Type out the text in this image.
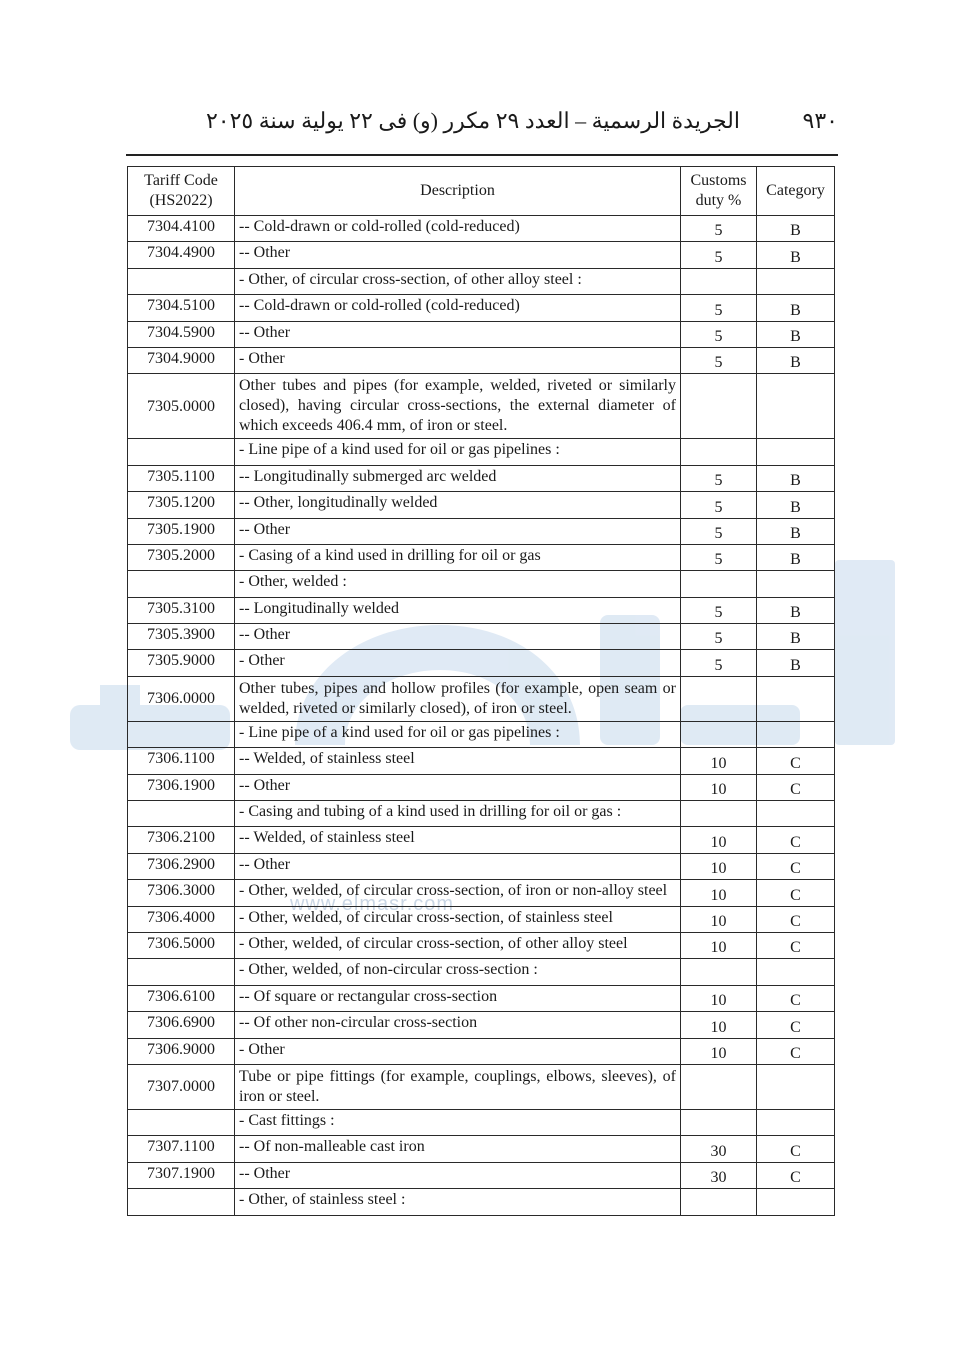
www.elmasr.com
٩٣٠
الجريدة الرسمية – العدد ٢٩ مكرر (و) فى ٢٢ يولية سنة ٢٠٢٥
Tariff Code (HS2022)	Description	Customs duty %	Category
7304.4100	-- Cold-drawn or cold-rolled (cold-reduced)	5	B
7304.4900	-- Other	5	B
	- Other, of circular cross-section, of other alloy steel :		
7304.5100	-- Cold-drawn or cold-rolled (cold-reduced)	5	B
7304.5900	-- Other	5	B
7304.9000	- Other	5	B
7305.0000	Other tubes and pipes (for example, welded, riveted or similarly closed), having circular cross-sections, the external diameter of which exceeds 406.4 mm, of iron or steel.		
	- Line pipe of a kind used for oil or gas pipelines :		
7305.1100	-- Longitudinally submerged arc welded	5	B
7305.1200	-- Other, longitudinally welded	5	B
7305.1900	-- Other	5	B
7305.2000	- Casing of a kind used in drilling for oil or gas	5	B
	- Other, welded :		
7305.3100	-- Longitudinally welded	5	B
7305.3900	-- Other	5	B
7305.9000	- Other	5	B
7306.0000	Other tubes, pipes and hollow profiles (for example, open seam or welded, riveted or similarly closed), of iron or steel.		
	- Line pipe of a kind used for oil or gas pipelines :		
7306.1100	-- Welded, of stainless steel	10	C
7306.1900	-- Other	10	C
	- Casing and tubing of a kind used in drilling for oil or gas :		
7306.2100	-- Welded, of stainless steel	10	C
7306.2900	-- Other	10	C
7306.3000	- Other, welded, of circular cross-section, of iron or non-alloy steel	10	C
7306.4000	- Other, welded, of circular cross-section, of stainless steel	10	C
7306.5000	- Other, welded, of circular cross-section, of other alloy steel	10	C
	- Other, welded, of non-circular cross-section :		
7306.6100	-- Of square or rectangular cross-section	10	C
7306.6900	-- Of other non-circular cross-section	10	C
7306.9000	- Other	10	C
7307.0000	Tube or pipe fittings (for example, couplings, elbows, sleeves), of iron or steel.		
	- Cast fittings :		
7307.1100	-- Of non-malleable cast iron	30	C
7307.1900	-- Other	30	C
	- Other, of stainless steel :		
